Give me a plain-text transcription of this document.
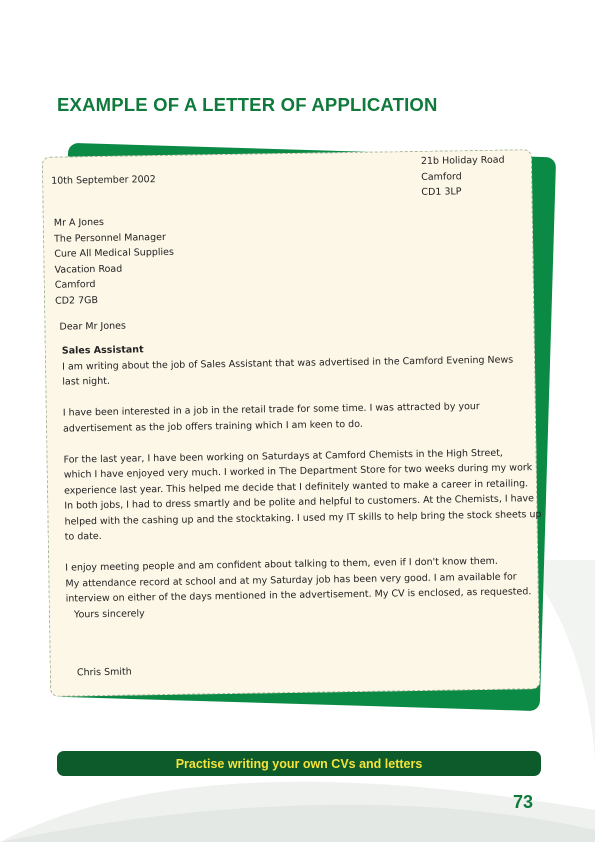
EXAMPLE OF A LETTER OF APPLICATION
10th September 2002
21b Holiday Road
Camford
CD1 3LP
Mr A Jones
The Personnel Manager
Cure All Medical Supplies
Vacation Road
Camford
CD2 7GB
Dear Mr Jones
Sales Assistant
I am writing about the job of Sales Assistant that was advertised in the Camford Evening News
last night.
I have been interested in a job in the retail trade for some time. I was attracted by your
advertisement as the job offers training which I am keen to do.
For the last year, I have been working on Saturdays at Camford Chemists in the High Street,
which I have enjoyed very much. I worked in The Department Store for two weeks during my work
experience last year. This helped me decide that I definitely wanted to make a career in retailing.
In both jobs, I had to dress smartly and be polite and helpful to customers. At the Chemists, I have
helped with the cashing up and the stocktaking. I used my IT skills to help bring the stock sheets up
to date.
I enjoy meeting people and am confident about talking to them, even if I don't know them.
My attendance record at school and at my Saturday job has been very good. I am available for
interview on either of the days mentioned in the advertisement. My CV is enclosed, as requested.
Yours sincerely
Chris Smith
Practise writing your own CVs and letters
73
